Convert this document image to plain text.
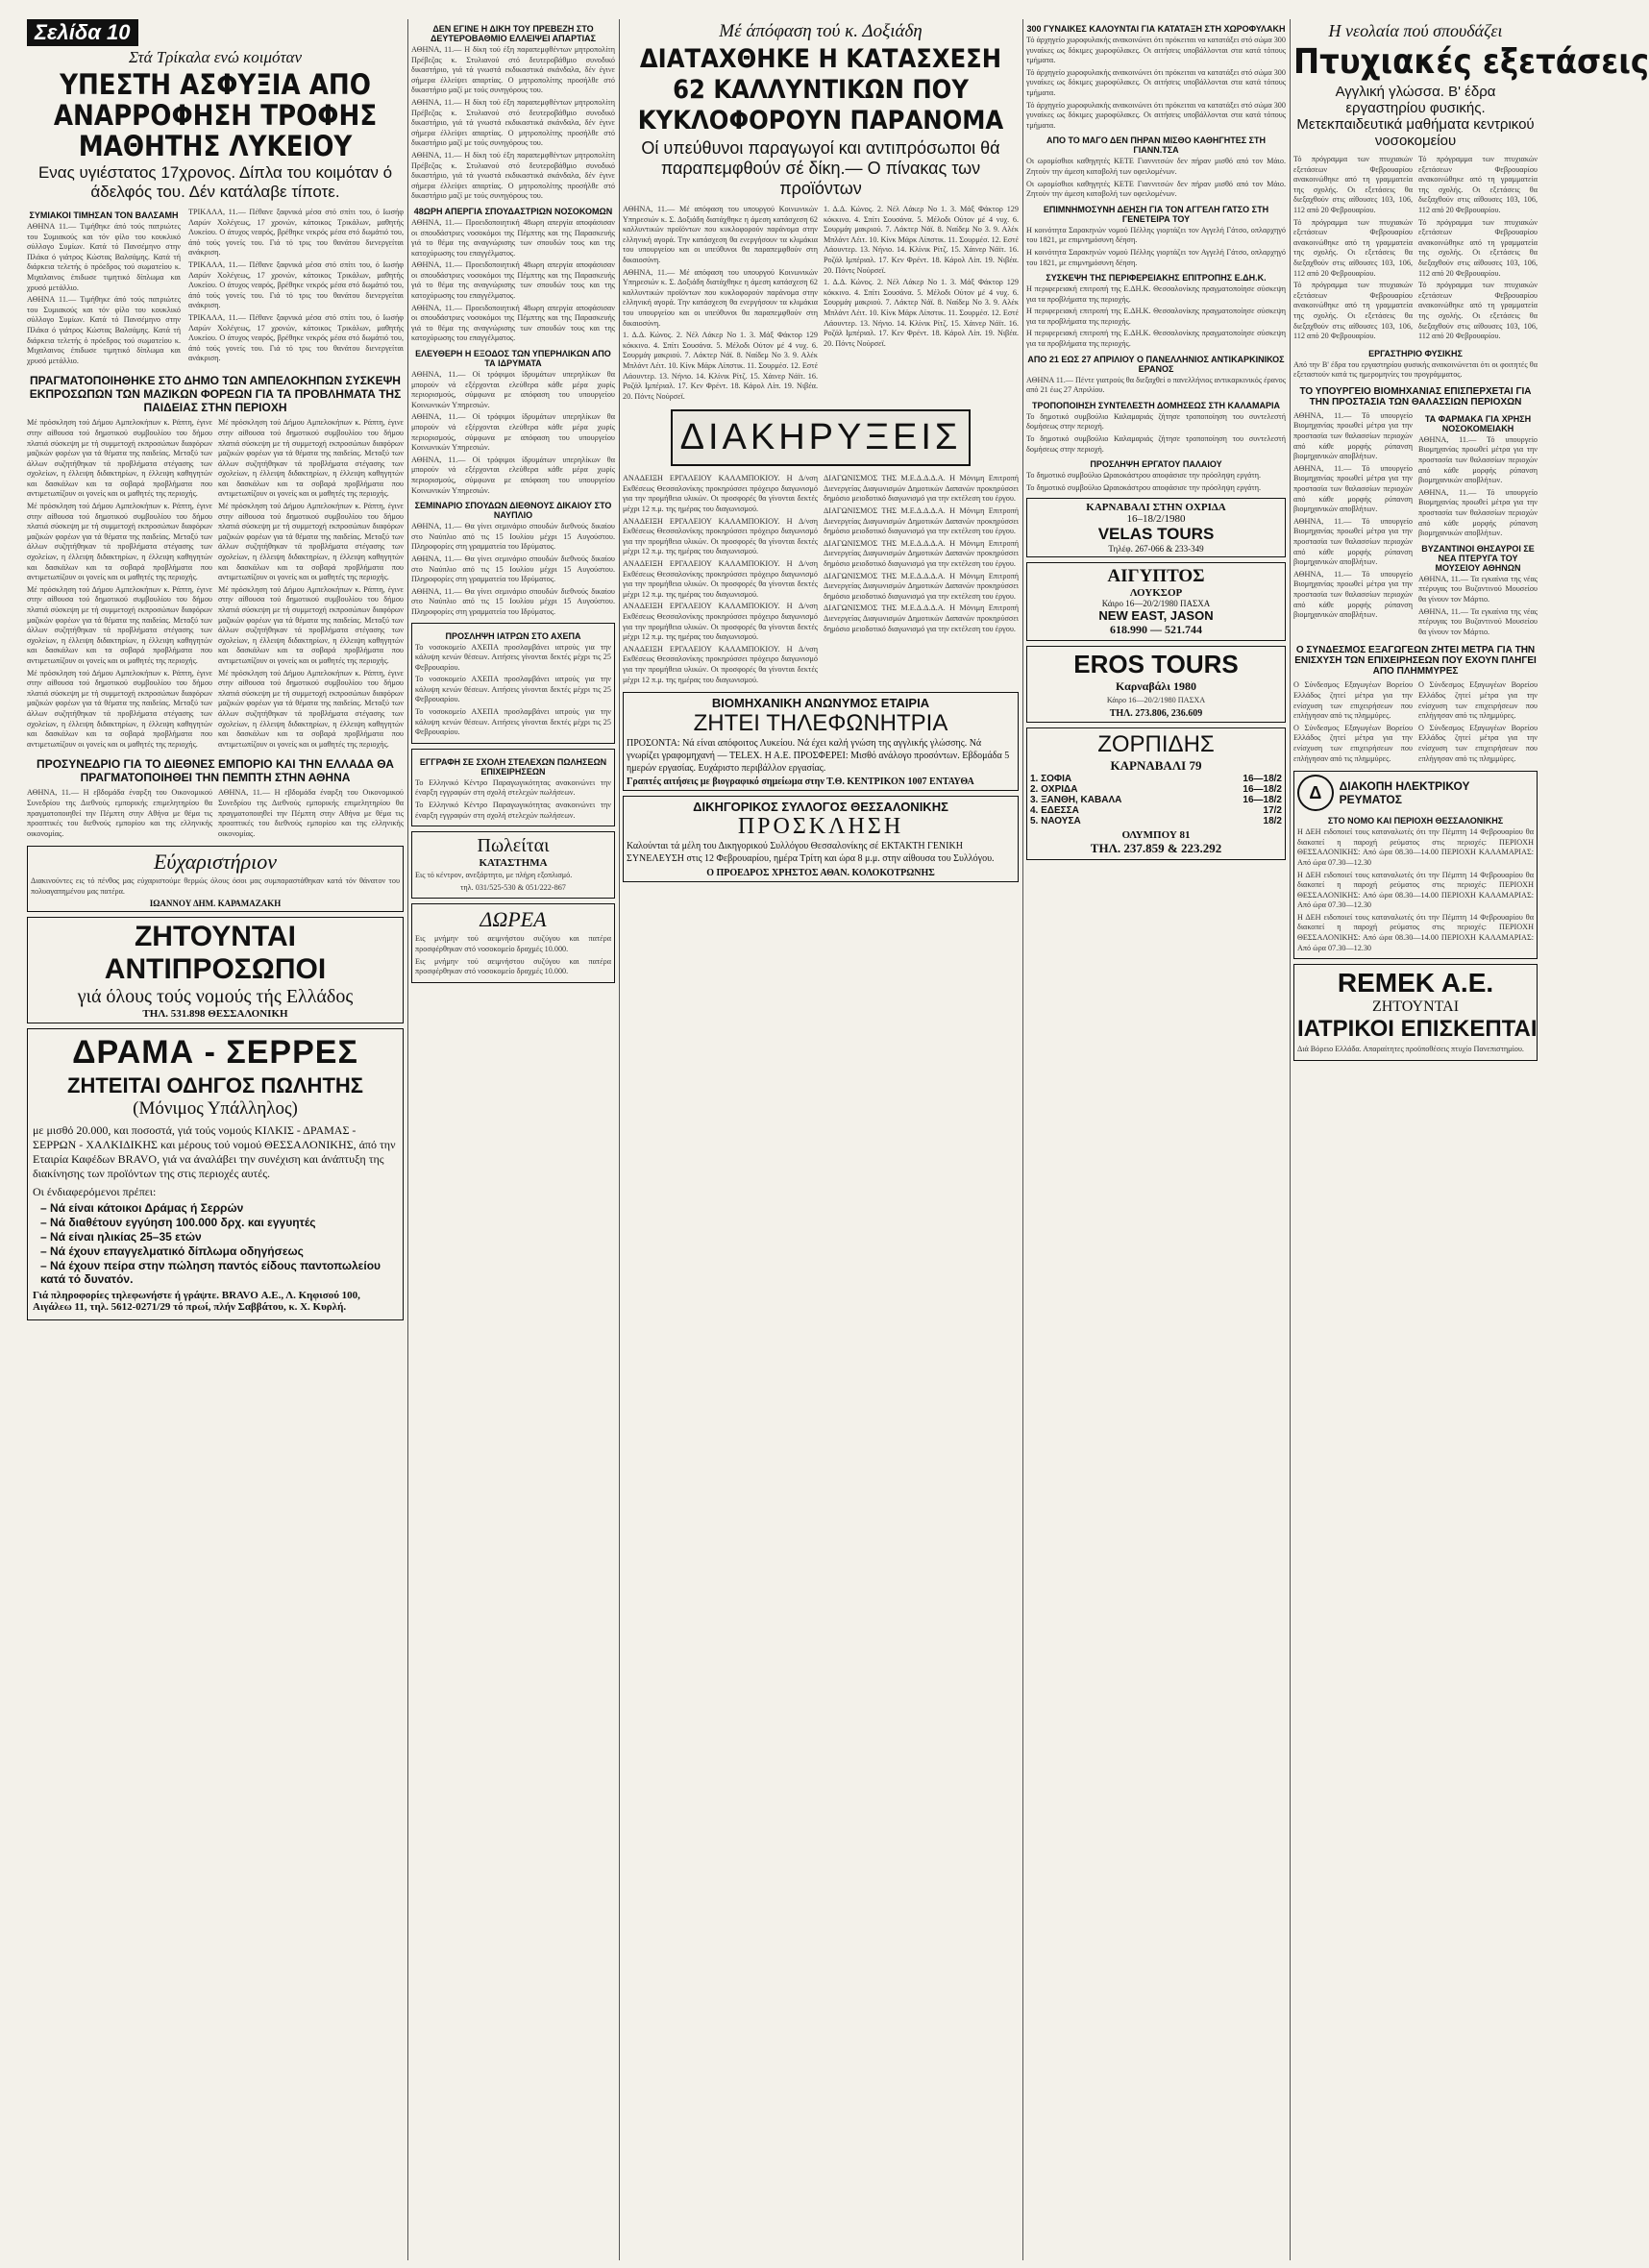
Σελίδα 10
Στά Τρίκαλα ενώ κοιμόταν
ΥΠΕΣΤΗ ΑΣΦΥΞΙΑ ΑΠΟ ΑΝΑΡΡΟΦΗΣΗ ΤΡΟΦΗΣ ΜΑΘΗΤΗΣ ΛΥΚΕΙΟΥ
Ενας υγιέστατος 17χρονος. Δίπλα του κοιμόταν ό άδελφός του. Δέν κατάλαβε τίποτε.
ΣΥΜΙΑΚΟΙ ΤΙΜΗΣΑΝ ΤΟΝ ΒΑΛΣΑΜΗ
ΑΘΗΝΑ 11.— Τιμήθηκε άπό τούς πατριώτες του Συμιακούς και τόν φίλο του κουκλικό σύλλογο Συμίων. Κατά τό Πανσέμηνο στην Πλάκα ό γιάτρος Κώστας Βαλσάμης. Κατά τή διάρκεια τελετής ό πρόεδρος τού σωματείου κ. Μιχαλαινος έπιδωσε τιμητικό δίπλωμα και χρυσό μετάλλιο.
ΑΘΗΝΑ 11.— Τιμήθηκε άπό τούς πατριώτες του Συμιακούς και τόν φίλο του κουκλικό σύλλογο Συμίων. Κατά τό Πανσέμηνο στην Πλάκα ό γιάτρος Κώστας Βαλσάμης. Κατά τή διάρκεια τελετής ό πρόεδρος τού σωματείου κ. Μιχαλαινος έπιδωσε τιμητικό δίπλωμα και χρυσό μετάλλιο.
ΤΡΙΚΑΛΑ, 11.— Πέθανε ξαφνικά μέσα στό σπίτι του, ό Ιωσήφ Λαρών Χολέγεως, 17 χρονών, κάτοικος Τρικάλων, μαθητής Λυκείου. Ο άτυχος νεαρός, βρέθηκε νεκρός μέσα στό δωμάτιό του, άπό τούς γονείς του. Γιά τό τρις του θανάτου διενεργείται ανάκριση.
ΤΡΙΚΑΛΑ, 11.— Πέθανε ξαφνικά μέσα στό σπίτι του, ό Ιωσήφ Λαρών Χολέγεως, 17 χρονών, κάτοικος Τρικάλων, μαθητής Λυκείου. Ο άτυχος νεαρός, βρέθηκε νεκρός μέσα στό δωμάτιό του, άπό τούς γονείς του. Γιά τό τρις του θανάτου διενεργείται ανάκριση.
ΤΡΙΚΑΛΑ, 11.— Πέθανε ξαφνικά μέσα στό σπίτι του, ό Ιωσήφ Λαρών Χολέγεως, 17 χρονών, κάτοικος Τρικάλων, μαθητής Λυκείου. Ο άτυχος νεαρός, βρέθηκε νεκρός μέσα στό δωμάτιό του, άπό τούς γονείς του. Γιά τό τρις του θανάτου διενεργείται ανάκριση.
ΠΡΑΓΜΑΤΟΠΟΙΗΘΗΚΕ ΣΤΟ ΔΗΜΟ ΤΩΝ ΑΜΠΕΛΟΚΗΠΩΝ ΣΥΣΚΕΨΗ ΕΚΠΡΟΣΩΠΩΝ ΤΩΝ ΜΑΖΙΚΩΝ ΦΟΡΕΩΝ ΓΙΑ ΤΑ ΠΡΟΒΛΗΜΑΤΑ ΤΗΣ ΠΑΙΔΕΙΑΣ ΣΤΗΝ ΠΕΡΙΟΧΗ
Μέ πρόσκληση τού Δήμου Αμπελοκήπων κ. Ράπτη, έγινε στην αίθουσα τού δημοτικού συμβουλίου του δήμου πλατιά σύσκεψη με τή συμμετοχή εκπροσώπων διαφόρων μαζικών φορέων για τά θέματα της παιδείας. Μεταξύ των άλλων συζητήθηκαν τά προβλήματα στέγασης των σχολείων, η έλλειψη διδακτηρίων, η έλλειψη καθηγητών και δασκάλων και τα σοβαρά προβλήματα που αντιμετωπίζουν οι γονείς και οι μαθητές της περιοχής.
Μέ πρόσκληση τού Δήμου Αμπελοκήπων κ. Ράπτη, έγινε στην αίθουσα τού δημοτικού συμβουλίου του δήμου πλατιά σύσκεψη με τή συμμετοχή εκπροσώπων διαφόρων μαζικών φορέων για τά θέματα της παιδείας. Μεταξύ των άλλων συζητήθηκαν τά προβλήματα στέγασης των σχολείων, η έλλειψη διδακτηρίων, η έλλειψη καθηγητών και δασκάλων και τα σοβαρά προβλήματα που αντιμετωπίζουν οι γονείς και οι μαθητές της περιοχής.
Μέ πρόσκληση τού Δήμου Αμπελοκήπων κ. Ράπτη, έγινε στην αίθουσα τού δημοτικού συμβουλίου του δήμου πλατιά σύσκεψη με τή συμμετοχή εκπροσώπων διαφόρων μαζικών φορέων για τά θέματα της παιδείας. Μεταξύ των άλλων συζητήθηκαν τά προβλήματα στέγασης των σχολείων, η έλλειψη διδακτηρίων, η έλλειψη καθηγητών και δασκάλων και τα σοβαρά προβλήματα που αντιμετωπίζουν οι γονείς και οι μαθητές της περιοχής.
Μέ πρόσκληση τού Δήμου Αμπελοκήπων κ. Ράπτη, έγινε στην αίθουσα τού δημοτικού συμβουλίου του δήμου πλατιά σύσκεψη με τή συμμετοχή εκπροσώπων διαφόρων μαζικών φορέων για τά θέματα της παιδείας. Μεταξύ των άλλων συζητήθηκαν τά προβλήματα στέγασης των σχολείων, η έλλειψη διδακτηρίων, η έλλειψη καθηγητών και δασκάλων και τα σοβαρά προβλήματα που αντιμετωπίζουν οι γονείς και οι μαθητές της περιοχής.
Μέ πρόσκληση τού Δήμου Αμπελοκήπων κ. Ράπτη, έγινε στην αίθουσα τού δημοτικού συμβουλίου του δήμου πλατιά σύσκεψη με τή συμμετοχή εκπροσώπων διαφόρων μαζικών φορέων για τά θέματα της παιδείας. Μεταξύ των άλλων συζητήθηκαν τά προβλήματα στέγασης των σχολείων, η έλλειψη διδακτηρίων, η έλλειψη καθηγητών και δασκάλων και τα σοβαρά προβλήματα που αντιμετωπίζουν οι γονείς και οι μαθητές της περιοχής.
Μέ πρόσκληση τού Δήμου Αμπελοκήπων κ. Ράπτη, έγινε στην αίθουσα τού δημοτικού συμβουλίου του δήμου πλατιά σύσκεψη με τή συμμετοχή εκπροσώπων διαφόρων μαζικών φορέων για τά θέματα της παιδείας. Μεταξύ των άλλων συζητήθηκαν τά προβλήματα στέγασης των σχολείων, η έλλειψη διδακτηρίων, η έλλειψη καθηγητών και δασκάλων και τα σοβαρά προβλήματα που αντιμετωπίζουν οι γονείς και οι μαθητές της περιοχής.
Μέ πρόσκληση τού Δήμου Αμπελοκήπων κ. Ράπτη, έγινε στην αίθουσα τού δημοτικού συμβουλίου του δήμου πλατιά σύσκεψη με τή συμμετοχή εκπροσώπων διαφόρων μαζικών φορέων για τά θέματα της παιδείας. Μεταξύ των άλλων συζητήθηκαν τά προβλήματα στέγασης των σχολείων, η έλλειψη διδακτηρίων, η έλλειψη καθηγητών και δασκάλων και τα σοβαρά προβλήματα που αντιμετωπίζουν οι γονείς και οι μαθητές της περιοχής.
Μέ πρόσκληση τού Δήμου Αμπελοκήπων κ. Ράπτη, έγινε στην αίθουσα τού δημοτικού συμβουλίου του δήμου πλατιά σύσκεψη με τή συμμετοχή εκπροσώπων διαφόρων μαζικών φορέων για τά θέματα της παιδείας. Μεταξύ των άλλων συζητήθηκαν τά προβλήματα στέγασης των σχολείων, η έλλειψη διδακτηρίων, η έλλειψη καθηγητών και δασκάλων και τα σοβαρά προβλήματα που αντιμετωπίζουν οι γονείς και οι μαθητές της περιοχής.
ΠΡΟΣΥΝΕΔΡΙΟ ΓΙΑ ΤΟ ΔΙΕΘΝΕΣ ΕΜΠΟΡΙΟ ΚΑΙ ΤΗΝ ΕΛΛΑΔΑ ΘΑ ΠΡΑΓΜΑΤΟΠΟΙΗΘΕΙ ΤΗΝ ΠΕΜΠΤΗ ΣΤΗΝ ΑΘΗΝΑ
ΑΘΗΝΑ, 11.— Η εβδομάδα έναρξη του Οικονομικού Συνεδρίου της Διεθνούς εμπορικής επιμελητηρίου θα πραγματοποιηθεί την Πέμπτη στην Αθήνα με θέμα τις προοπτικές του διεθνούς εμπορίου και της ελληνικής οικονομίας.
ΑΘΗΝΑ, 11.— Η εβδομάδα έναρξη του Οικονομικού Συνεδρίου της Διεθνούς εμπορικής επιμελητηρίου θα πραγματοποιηθεί την Πέμπτη στην Αθήνα με θέμα τις προοπτικές του διεθνούς εμπορίου και της ελληνικής οικονομίας.
Εύχαριστήριον
Διακινούντες εις τό πένθος μας εύχαριστούμε θερμώς όλους όσοι μας συμπαραστάθηκαν κατά τόν θάνατον του πολυαγαπημένου μας πατέρα.
ΙΩΑΝΝΟΥ ΔΗΜ. ΚΑΡΑΜΑΖΑΚΗ
ΖΗΤΟΥΝΤΑΙ ΑΝΤΙΠΡΟΣΩΠΟΙ
γιά όλους τούς νομούς τής Ελλάδος
ΤΗΛ. 531.898 ΘΕΣΣΑΛΟΝΙΚΗ
ΔΡΑΜΑ - ΣΕΡΡΕΣ
ΖΗΤΕΙΤΑΙ ΟΔΗΓΟΣ ΠΩΛΗΤΗΣ
(Μόνιμος Υπάλληλος)
με μισθό 20.000, και ποσοστά, γιά τούς νομούς ΚΙΛΚΙΣ - ΔΡΑΜΑΣ - ΣΕΡΡΩΝ - ΧΑΛΚΙΔΙΚΗΣ και μέρους τού νομού ΘΕΣΣΑΛΟΝΙΚΗΣ, άπό την Εταιρία Καφέδων BRAVO, γιά να άναλάβει την συνέχιση και άνάπτυξη της διακίνησης των προϊόντων της στις περιοχές αυτές.
Οι ένδιαφερόμενοι πρέπει:
– Νά είναι κάτοικοι Δράμας ή Σερρών
– Νά διαθέτουν εγγύηση 100.000 δρχ. και εγγυητές
– Νά είναι ηλικίας 25–35 ετών
– Νά έχουν επαγγελματικό δίπλωμα οδηγήσεως
– Νά έχουν πείρα στην πώληση παντός είδους παντοπωλείου κατά τό δυνατόν.
Γιά πληροφορίες τηλεφωνήστε ή γράψτε. BRAVO Α.Ε., Λ. Κηφισού 100, Αιγάλεω 11, τηλ. 5612-0271/29 τό πρωί, πλήν Σαββάτου, κ. Χ. Κυρλή.
ΔΕΝ ΕΓΙΝΕ Η ΔΙΚΗ ΤΟΥ ΠΡΕΒΕΖΗ ΣΤΟ ΔΕΥΤΕΡΟΒΑΘΜΙΟ ΕΛΛΕΙΨΕΙ ΑΠΑΡΤΙΑΣ
ΑΘΗΝΑ, 11.— Η δίκη τού έξη παραπεμφθέντων μητροπολίτη Πρέβεζας κ. Στυλιανού στό δευτεροβάθμιο συνοδικό δικαστήριο, γιά τά γνωστά εκδικαστικά σκάνδαλα, δέν έγινε σήμερα έλλείψει απαρτίας. Ο μητροπολίτης προσήλθε στό δικαστήριο μαζί με τούς συνηγόρους του.
ΑΘΗΝΑ, 11.— Η δίκη τού έξη παραπεμφθέντων μητροπολίτη Πρέβεζας κ. Στυλιανού στό δευτεροβάθμιο συνοδικό δικαστήριο, γιά τά γνωστά εκδικαστικά σκάνδαλα, δέν έγινε σήμερα έλλείψει απαρτίας. Ο μητροπολίτης προσήλθε στό δικαστήριο μαζί με τούς συνηγόρους του.
ΑΘΗΝΑ, 11.— Η δίκη τού έξη παραπεμφθέντων μητροπολίτη Πρέβεζας κ. Στυλιανού στό δευτεροβάθμιο συνοδικό δικαστήριο, γιά τά γνωστά εκδικαστικά σκάνδαλα, δέν έγινε σήμερα έλλείψει απαρτίας. Ο μητροπολίτης προσήλθε στό δικαστήριο μαζί με τούς συνηγόρους του.
48ΩΡΗ ΑΠΕΡΓΙΑ ΣΠΟΥΔΑΣΤΡΙΩΝ ΝΟΣΟΚΟΜΩΝ
ΑΘΗΝΑ, 11.— Προειδοποιητική 48ωρη απεργία αποφάσισαν οι σπουδάστριες νοσοκόμοι της Πέμπτης και της Παρασκευής γιά το θέμα της αναγνώρισης των σπουδών τους και της κατοχύρωσης του επαγγέλματος.
ΑΘΗΝΑ, 11.— Προειδοποιητική 48ωρη απεργία αποφάσισαν οι σπουδάστριες νοσοκόμοι της Πέμπτης και της Παρασκευής γιά το θέμα της αναγνώρισης των σπουδών τους και της κατοχύρωσης του επαγγέλματος.
ΑΘΗΝΑ, 11.— Προειδοποιητική 48ωρη απεργία αποφάσισαν οι σπουδάστριες νοσοκόμοι της Πέμπτης και της Παρασκευής γιά το θέμα της αναγνώρισης των σπουδών τους και της κατοχύρωσης του επαγγέλματος.
ΕΛΕΥΘΕΡΗ Η ΕΞΟΔΟΣ ΤΩΝ ΥΠΕΡΗΛΙΚΩΝ ΑΠΟ ΤΑ ΙΔΡΥΜΑΤΑ
ΑΘΗΝΑ, 11.— Οί τρόφιμοι ίδρυμάτων υπερηλίκων θα μπορούν νά εξέρχονται ελεύθερα κάθε μέρα χωρίς περιορισμούς, σύμφωνα με απόφαση του υπουργείου Κοινωνικών Υπηρεσιών.
ΑΘΗΝΑ, 11.— Οί τρόφιμοι ίδρυμάτων υπερηλίκων θα μπορούν νά εξέρχονται ελεύθερα κάθε μέρα χωρίς περιορισμούς, σύμφωνα με απόφαση του υπουργείου Κοινωνικών Υπηρεσιών.
ΑΘΗΝΑ, 11.— Οί τρόφιμοι ίδρυμάτων υπερηλίκων θα μπορούν νά εξέρχονται ελεύθερα κάθε μέρα χωρίς περιορισμούς, σύμφωνα με απόφαση του υπουργείου Κοινωνικών Υπηρεσιών.
ΣΕΜΙΝΑΡΙΟ ΣΠΟΥΔΩΝ ΔΙΕΘΝΟΥΣ ΔΙΚΑΙΟΥ ΣΤΟ ΝΑΥΠΛΙΟ
ΑΘΗΝΑ, 11.— Θα γίνει σεμινάριο σπουδών διεθνούς δικαίου στο Ναύπλιο από τις 15 Ιουλίου μέχρι 15 Αυγούστου. Πληροφορίες στη γραμματεία του Ιδρύματος.
ΑΘΗΝΑ, 11.— Θα γίνει σεμινάριο σπουδών διεθνούς δικαίου στο Ναύπλιο από τις 15 Ιουλίου μέχρι 15 Αυγούστου. Πληροφορίες στη γραμματεία του Ιδρύματος.
ΑΘΗΝΑ, 11.— Θα γίνει σεμινάριο σπουδών διεθνούς δικαίου στο Ναύπλιο από τις 15 Ιουλίου μέχρι 15 Αυγούστου. Πληροφορίες στη γραμματεία του Ιδρύματος.
ΠΡΟΣΛΗΨΗ ΙΑΤΡΩΝ ΣΤΟ ΑΧΕΠΑ
Το νοσοκομείο ΑΧΕΠΑ προσλαμβάνει ιατρούς για την κάλυψη κενών θέσεων. Αιτήσεις γίνονται δεκτές μέχρι τις 25 Φεβρουαρίου.
Το νοσοκομείο ΑΧΕΠΑ προσλαμβάνει ιατρούς για την κάλυψη κενών θέσεων. Αιτήσεις γίνονται δεκτές μέχρι τις 25 Φεβρουαρίου.
Το νοσοκομείο ΑΧΕΠΑ προσλαμβάνει ιατρούς για την κάλυψη κενών θέσεων. Αιτήσεις γίνονται δεκτές μέχρι τις 25 Φεβρουαρίου.
ΕΓΓΡΑΦΗ ΣΕ ΣΧΟΛΗ ΣΤΕΛΕΧΩΝ ΠΩΛΗΣΕΩΝ ΕΠΙΧΕΙΡΗΣΕΩΝ
Το Ελληνικό Κέντρο Παραγωγικότητας ανακοινώνει την έναρξη εγγραφών στη σχολή στελεχών πωλήσεων.
Το Ελληνικό Κέντρο Παραγωγικότητας ανακοινώνει την έναρξη εγγραφών στη σχολή στελεχών πωλήσεων.
Πωλείται
ΚΑΤΑΣΤΗΜΑ
Εις τό κέντρον, ανεξάρτητο, με πλήρη εξοπλισμό.
τηλ. 031/525-530 & 051/222-867
ΔΩΡΕΑ
Εις μνήμην τού αειμνήστου συζύγου και πατέρα προσφέρθηκαν στό νοσοκομείο δραχμές 10.000.
Εις μνήμην τού αειμνήστου συζύγου και πατέρα προσφέρθηκαν στό νοσοκομείο δραχμές 10.000.
Μέ άπόφαση τού κ. Δοξιάδη
ΔΙΑΤΑΧΘΗΚΕ Η ΚΑΤΑΣΧΕΣΗ 62 ΚΑΛΛΥΝΤΙΚΩΝ ΠΟΥ ΚΥΚΛΟΦΟΡΟΥΝ ΠΑΡΑΝΟΜΑ
Οί υπεύθυνοι παραγωγοί και αντιπρόσωποι θά παραπεμφθούν σέ δίκη.— Ο πίνακας των προϊόντων
ΑΘΗΝΑ, 11.— Μέ απόφαση του υπουργού Κοινωνικών Υπηρεσιών κ. Σ. Δοξιάδη διατάχθηκε η άμεση κατάσχεση 62 καλλυντικών προϊόντων που κυκλοφορούν παράνομα στην ελληνική αγορά. Την κατάσχεση θα ενεργήσουν τα κλιμάκια του υπουργείου και οι υπεύθυνοι θα παραπεμφθούν στη δικαιοσύνη.
ΑΘΗΝΑ, 11.— Μέ απόφαση του υπουργού Κοινωνικών Υπηρεσιών κ. Σ. Δοξιάδη διατάχθηκε η άμεση κατάσχεση 62 καλλυντικών προϊόντων που κυκλοφορούν παράνομα στην ελληνική αγορά. Την κατάσχεση θα ενεργήσουν τα κλιμάκια του υπουργείου και οι υπεύθυνοι θα παραπεμφθούν στη δικαιοσύνη.
1. Δ.Δ. Κώνος. 2. Νέλ Λάκερ Νο 1. 3. Μάξ Φάκτορ 129 κόκκινο. 4. Σπίτι Σουσάνα. 5. Μέλοδι Ούτον μέ 4 νυχ. 6. Σουρμάγ μακριού. 7. Λάκτερ Νάϊ. 8. Ναίδεμ Νο 3. 9. Αλέκ Μπλάντ Λέιτ. 10. Κίνκ Μάρκ Λίπστικ. 11. Σουρμέσ. 12. Εστέ Λάουντερ. 13. Νήνιο. 14. Κλίνικ Ρίτζ. 15. Χάινερ Νάϊτ. 16. Ροζάλ Ιμπέριαλ. 17. Κεν Φρέντ. 18. Κάρολ Λίπ. 19. Νιβέα. 20. Πόντς Νούρσεϊ.
1. Δ.Δ. Κώνος. 2. Νέλ Λάκερ Νο 1. 3. Μάξ Φάκτορ 129 κόκκινο. 4. Σπίτι Σουσάνα. 5. Μέλοδι Ούτον μέ 4 νυχ. 6. Σουρμάγ μακριού. 7. Λάκτερ Νάϊ. 8. Ναίδεμ Νο 3. 9. Αλέκ Μπλάντ Λέιτ. 10. Κίνκ Μάρκ Λίπστικ. 11. Σουρμέσ. 12. Εστέ Λάουντερ. 13. Νήνιο. 14. Κλίνικ Ρίτζ. 15. Χάινερ Νάϊτ. 16. Ροζάλ Ιμπέριαλ. 17. Κεν Φρέντ. 18. Κάρολ Λίπ. 19. Νιβέα. 20. Πόντς Νούρσεϊ.
1. Δ.Δ. Κώνος. 2. Νέλ Λάκερ Νο 1. 3. Μάξ Φάκτορ 129 κόκκινο. 4. Σπίτι Σουσάνα. 5. Μέλοδι Ούτον μέ 4 νυχ. 6. Σουρμάγ μακριού. 7. Λάκτερ Νάϊ. 8. Ναίδεμ Νο 3. 9. Αλέκ Μπλάντ Λέιτ. 10. Κίνκ Μάρκ Λίπστικ. 11. Σουρμέσ. 12. Εστέ Λάουντερ. 13. Νήνιο. 14. Κλίνικ Ρίτζ. 15. Χάινερ Νάϊτ. 16. Ροζάλ Ιμπέριαλ. 17. Κεν Φρέντ. 18. Κάρολ Λίπ. 19. Νιβέα. 20. Πόντς Νούρσεϊ.
ΔΙΑΚΗΡΥΞΕΙΣ
ΑΝΑΔΕΙΞΗ ΕΡΓΑΛΕΙΟΥ ΚΑΛΑΜΠΟΚΙΟΥ. Η Δ/νση Εκθέσεως Θεσσαλονίκης προκηρύσσει πρόχειρο διαγωνισμό για την προμήθεια υλικών. Οι προσφορές θα γίνονται δεκτές μέχρι 12 π.μ. της ημέρας του διαγωνισμού.
ΑΝΑΔΕΙΞΗ ΕΡΓΑΛΕΙΟΥ ΚΑΛΑΜΠΟΚΙΟΥ. Η Δ/νση Εκθέσεως Θεσσαλονίκης προκηρύσσει πρόχειρο διαγωνισμό για την προμήθεια υλικών. Οι προσφορές θα γίνονται δεκτές μέχρι 12 π.μ. της ημέρας του διαγωνισμού.
ΑΝΑΔΕΙΞΗ ΕΡΓΑΛΕΙΟΥ ΚΑΛΑΜΠΟΚΙΟΥ. Η Δ/νση Εκθέσεως Θεσσαλονίκης προκηρύσσει πρόχειρο διαγωνισμό για την προμήθεια υλικών. Οι προσφορές θα γίνονται δεκτές μέχρι 12 π.μ. της ημέρας του διαγωνισμού.
ΑΝΑΔΕΙΞΗ ΕΡΓΑΛΕΙΟΥ ΚΑΛΑΜΠΟΚΙΟΥ. Η Δ/νση Εκθέσεως Θεσσαλονίκης προκηρύσσει πρόχειρο διαγωνισμό για την προμήθεια υλικών. Οι προσφορές θα γίνονται δεκτές μέχρι 12 π.μ. της ημέρας του διαγωνισμού.
ΑΝΑΔΕΙΞΗ ΕΡΓΑΛΕΙΟΥ ΚΑΛΑΜΠΟΚΙΟΥ. Η Δ/νση Εκθέσεως Θεσσαλονίκης προκηρύσσει πρόχειρο διαγωνισμό για την προμήθεια υλικών. Οι προσφορές θα γίνονται δεκτές μέχρι 12 π.μ. της ημέρας του διαγωνισμού.
ΔΙΑΓΩΝΙΣΜΟΣ ΤΗΣ Μ.Ε.Δ.Δ.Δ.Α. Η Μόνιμη Επιτροπή Διενεργείας Διαγωνισμών Δημοτικών Δαπανών προκηρύσσει δημόσιο μειοδοτικό διαγωνισμό για την εκτέλεση του έργου.
ΔΙΑΓΩΝΙΣΜΟΣ ΤΗΣ Μ.Ε.Δ.Δ.Δ.Α. Η Μόνιμη Επιτροπή Διενεργείας Διαγωνισμών Δημοτικών Δαπανών προκηρύσσει δημόσιο μειοδοτικό διαγωνισμό για την εκτέλεση του έργου.
ΔΙΑΓΩΝΙΣΜΟΣ ΤΗΣ Μ.Ε.Δ.Δ.Δ.Α. Η Μόνιμη Επιτροπή Διενεργείας Διαγωνισμών Δημοτικών Δαπανών προκηρύσσει δημόσιο μειοδοτικό διαγωνισμό για την εκτέλεση του έργου.
ΔΙΑΓΩΝΙΣΜΟΣ ΤΗΣ Μ.Ε.Δ.Δ.Δ.Α. Η Μόνιμη Επιτροπή Διενεργείας Διαγωνισμών Δημοτικών Δαπανών προκηρύσσει δημόσιο μειοδοτικό διαγωνισμό για την εκτέλεση του έργου.
ΔΙΑΓΩΝΙΣΜΟΣ ΤΗΣ Μ.Ε.Δ.Δ.Δ.Α. Η Μόνιμη Επιτροπή Διενεργείας Διαγωνισμών Δημοτικών Δαπανών προκηρύσσει δημόσιο μειοδοτικό διαγωνισμό για την εκτέλεση του έργου.
ΒΙΟΜΗΧΑΝΙΚΗ ΑΝΩΝΥΜΟΣ ΕΤΑΙΡΙΑ
ΖΗΤΕΙ ΤΗΛΕΦΩΝΗΤΡΙΑ
ΠΡΟΣΟΝΤΑ: Νά είναι απόφοιτος Λυκείου. Νά έχει καλή γνώση της αγγλικής γλώσσης. Νά γνωρίζει γραφομηχανή — TELEX. Η Α.Ε. ΠΡΟΣΦΕΡΕΙ: Μισθό ανάλογο προσόντων. Εβδομάδα 5 ημερών εργασίας. Ευχάριστο περιβάλλον εργασίας.
Γραπτές αιτήσεις με βιογραφικό σημείωμα στην Τ.Θ. ΚΕΝΤΡΙΚΟΝ 1007 ΕΝΤΑΥΘΑ
ΔΙΚΗΓΟΡΙΚΟΣ ΣΥΛΛΟΓΟΣ ΘΕΣΣΑΛΟΝΙΚΗΣ
ΠΡΟΣΚΛΗΣΗ
Καλούνται τά μέλη του Δικηγορικού Συλλόγου Θεσσαλονίκης σέ ΕΚΤΑΚΤΗ ΓΕΝΙΚΗ ΣΥΝΕΛΕΥΣΗ στις 12 Φεβρουαρίου, ημέρα Τρίτη και ώρα 8 μ.μ. στην αίθουσα του Συλλόγου.
Ο ΠΡΟΕΔΡΟΣ ΧΡΗΣΤΟΣ ΑΘΑΝ. ΚΟΛΟΚΟΤΡΩΝΗΣ
300 ΓΥΝΑΙΚΕΣ ΚΑΛΟΥΝΤΑΙ ΓΙΑ ΚΑΤΑΤΑΞΗ ΣΤΗ ΧΩΡΟΦΥΛΑΚΗ
Τό άρχηγείο χωροφυλακής ανακοινώνει ότι πρόκειται να κατατάξει στό σώμα 300 γυναίκες ως δόκιμες χωροφύλακες. Οι αιτήσεις υποβάλλονται στα κατά τόπους τμήματα.
Τό άρχηγείο χωροφυλακής ανακοινώνει ότι πρόκειται να κατατάξει στό σώμα 300 γυναίκες ως δόκιμες χωροφύλακες. Οι αιτήσεις υποβάλλονται στα κατά τόπους τμήματα.
Τό άρχηγείο χωροφυλακής ανακοινώνει ότι πρόκειται να κατατάξει στό σώμα 300 γυναίκες ως δόκιμες χωροφύλακες. Οι αιτήσεις υποβάλλονται στα κατά τόπους τμήματα.
ΑΠΟ ΤΟ ΜΑΓΟ ΔΕΝ ΠΗΡΑΝ ΜΙΣΘΟ ΚΑΘΗΓΗΤΕΣ ΣΤΗ ΓΙΑΝΝ.ΤΣΑ
Οι ωρομίσθιοι καθηγητές ΚΕΤΕ Γιαννιτσών δεν πήραν μισθό από τον Μάιο. Ζητούν την άμεση καταβολή των οφειλομένων.
Οι ωρομίσθιοι καθηγητές ΚΕΤΕ Γιαννιτσών δεν πήραν μισθό από τον Μάιο. Ζητούν την άμεση καταβολή των οφειλομένων.
ΕΠΙΜΝΗΜΟΣΥΝΗ ΔΕΗΣΗ ΓΙΑ ΤΟΝ ΑΓΓΕΛΗ ΓΑΤΣΟ ΣΤΗ ΓΕΝΕΤΕΙΡΑ ΤΟΥ
Η κοινότητα Σαρακηνών νομού Πέλλης γιορτάζει τον Αγγελή Γάτσο, οπλαρχηγό του 1821, με επιμνημόσυνη δέηση.
Η κοινότητα Σαρακηνών νομού Πέλλης γιορτάζει τον Αγγελή Γάτσο, οπλαρχηγό του 1821, με επιμνημόσυνη δέηση.
ΣΥΣΚΕΨΗ ΤΗΣ ΠΕΡΙΦΕΡΕΙΑΚΗΣ ΕΠΙΤΡΟΠΗΣ Ε.ΔΗ.Κ.
Η περιφερειακή επιτροπή της Ε.ΔΗ.Κ. Θεσσαλονίκης πραγματοποίησε σύσκεψη για τα προβλήματα της περιοχής.
Η περιφερειακή επιτροπή της Ε.ΔΗ.Κ. Θεσσαλονίκης πραγματοποίησε σύσκεψη για τα προβλήματα της περιοχής.
Η περιφερειακή επιτροπή της Ε.ΔΗ.Κ. Θεσσαλονίκης πραγματοποίησε σύσκεψη για τα προβλήματα της περιοχής.
ΑΠΟ 21 ΕΩΣ 27 ΑΠΡΙΛΙΟΥ Ο ΠΑΝΕΛΛΗΝΙΟΣ ΑΝΤΙΚΑΡΚΙΝΙΚΟΣ ΕΡΑΝΟΣ
ΑΘΗΝΑ 11.— Πέντε γιατρούς θα διεξαχθεί ο πανελλήνιος αντικαρκινικός έρανος από 21 έως 27 Απριλίου.
ΤΡΟΠΟΠΟΙΗΣΗ ΣΥΝΤΕΛΕΣΤΗ ΔΟΜΗΣΕΩΣ ΣΤΗ ΚΑΛΑΜΑΡΙΑ
Το δημοτικό συμβούλιο Καλαμαριάς ζήτησε τροποποίηση του συντελεστή δομήσεως στην περιοχή.
Το δημοτικό συμβούλιο Καλαμαριάς ζήτησε τροποποίηση του συντελεστή δομήσεως στην περιοχή.
ΠΡΟΣΛΗΨΗ ΕΡΓΑΤΟΥ ΠΑΛΑΙΟΥ
Το δημοτικό συμβούλιο Ωραιοκάστρου αποφάσισε την πρόσληψη εργάτη.
Το δημοτικό συμβούλιο Ωραιοκάστρου αποφάσισε την πρόσληψη εργάτη.
ΚΑΡΝΑΒΑΛΙ ΣΤΗΝ ΟΧΡΙΔΑ
16–18/2/1980
VELAS TOURS
Τηλέφ. 267-066 & 233-349
ΑΙΓΥΠΤΟΣ
ΛΟΥΚΣΟΡ
Κάιρο 16—20/2/1980 ΠΑΣΧΑ
NEW EAST, JASON
618.990 — 521.744
EROS TOURS
Καρναβάλι 1980
Κάιρο 16—20/2/1980 ΠΑΣΧΑ
ΤΗΛ. 273.806, 236.609
ΖΟΡΠΙΔΗΣ
ΚΑΡΝΑΒΑΛΙ 79
1. ΣΟΦΙΑ	16—18/2
2. ΟΧΡΙΔΑ	16—18/2
3. ΞΑΝΘΗ, ΚΑΒΑΛΑ	16—18/2
4. ΕΔΕΣΣΑ	17/2
5. ΝΑΟΥΣΑ	18/2
ΟΛΥΜΠΟΥ 81
ΤΗΛ. 237.859 & 223.292
Η νεολαία πού σπουδάζει
Πτυχιακές εξετάσεις
Αγγλική γλώσσα. Β' έδρα εργαστηρίου φυσικής. Μετεκπαιδευτικά μαθήματα κεντρικού νοσοκομείου
Τό πρόγραμμα των πτυχιακών εξετάσεων Φεβρουαρίου ανακοινώθηκε από τη γραμματεία της σχολής. Οι εξετάσεις θα διεξαχθούν στις αίθουσες 103, 106, 112 από 20 Φεβρουαρίου.
Τό πρόγραμμα των πτυχιακών εξετάσεων Φεβρουαρίου ανακοινώθηκε από τη γραμματεία της σχολής. Οι εξετάσεις θα διεξαχθούν στις αίθουσες 103, 106, 112 από 20 Φεβρουαρίου.
Τό πρόγραμμα των πτυχιακών εξετάσεων Φεβρουαρίου ανακοινώθηκε από τη γραμματεία της σχολής. Οι εξετάσεις θα διεξαχθούν στις αίθουσες 103, 106, 112 από 20 Φεβρουαρίου.
Τό πρόγραμμα των πτυχιακών εξετάσεων Φεβρουαρίου ανακοινώθηκε από τη γραμματεία της σχολής. Οι εξετάσεις θα διεξαχθούν στις αίθουσες 103, 106, 112 από 20 Φεβρουαρίου.
Τό πρόγραμμα των πτυχιακών εξετάσεων Φεβρουαρίου ανακοινώθηκε από τη γραμματεία της σχολής. Οι εξετάσεις θα διεξαχθούν στις αίθουσες 103, 106, 112 από 20 Φεβρουαρίου.
Τό πρόγραμμα των πτυχιακών εξετάσεων Φεβρουαρίου ανακοινώθηκε από τη γραμματεία της σχολής. Οι εξετάσεις θα διεξαχθούν στις αίθουσες 103, 106, 112 από 20 Φεβρουαρίου.
ΕΡΓΑΣΤΗΡΙΟ ΦΥΣΙΚΗΣ
Από την Β' έδρα του εργαστηρίου φυσικής ανακοινώνεται ότι οι φοιτητές θα εξεταστούν κατά τις ημερομηνίες του προγράμματος.
ΤΟ ΥΠΟΥΡΓΕΙΟ ΒΙΟΜΗΧΑΝΙΑΣ ΕΠΙΣΠΕΡΧΕΤΑΙ ΓΙΑ ΤΗΝ ΠΡΟΣΤΑΣΙΑ ΤΩΝ ΘΑΛΑΣΣΙΩΝ ΠΕΡΙΟΧΩΝ
ΑΘΗΝΑ, 11.— Τό υπουργείο Βιομηχανίας προωθεί μέτρα για την προστασία των θαλασσίων περιοχών από κάθε μορφής ρύπανση βιομηχανικών αποβλήτων.
ΑΘΗΝΑ, 11.— Τό υπουργείο Βιομηχανίας προωθεί μέτρα για την προστασία των θαλασσίων περιοχών από κάθε μορφής ρύπανση βιομηχανικών αποβλήτων.
ΑΘΗΝΑ, 11.— Τό υπουργείο Βιομηχανίας προωθεί μέτρα για την προστασία των θαλασσίων περιοχών από κάθε μορφής ρύπανση βιομηχανικών αποβλήτων.
ΑΘΗΝΑ, 11.— Τό υπουργείο Βιομηχανίας προωθεί μέτρα για την προστασία των θαλασσίων περιοχών από κάθε μορφής ρύπανση βιομηχανικών αποβλήτων.
ΤΑ ΦΑΡΜΑΚΑ ΓΙΑ ΧΡΗΣΗ ΝΟΣΟΚΟΜΕΙΑΚΗ
ΑΘΗΝΑ, 11.— Τό υπουργείο Βιομηχανίας προωθεί μέτρα για την προστασία των θαλασσίων περιοχών από κάθε μορφής ρύπανση βιομηχανικών αποβλήτων.
ΑΘΗΝΑ, 11.— Τό υπουργείο Βιομηχανίας προωθεί μέτρα για την προστασία των θαλασσίων περιοχών από κάθε μορφής ρύπανση βιομηχανικών αποβλήτων.
ΒΥΖΑΝΤΙΝΟΙ ΘΗΣΑΥΡΟΙ ΣΕ ΝΕΑ ΠΤΕΡΥΓΑ ΤΟΥ ΜΟΥΣΕΙΟΥ ΑΘΗΝΩΝ
ΑΘΗΝΑ, 11.— Τα εγκαίνια της νέας πτέρυγας του Βυζαντινού Μουσείου θα γίνουν τον Μάρτιο.
ΑΘΗΝΑ, 11.— Τα εγκαίνια της νέας πτέρυγας του Βυζαντινού Μουσείου θα γίνουν τον Μάρτιο.
Ο ΣΥΝΔΕΣΜΟΣ ΕΞΑΓΩΓΕΩΝ ΖΗΤΕΙ ΜΕΤΡΑ ΓΙΑ ΤΗΝ ΕΝΙΣΧΥΣΗ ΤΩΝ ΕΠΙΧΕΙΡΗΣΕΩΝ ΠΟΥ ΕΧΟΥΝ ΠΛΗΓΕΙ ΑΠΟ ΠΛΗΜΜΥΡΕΣ
Ο Σύνδεσμος Εξαγωγέων Βορείου Ελλάδος ζητεί μέτρα για την ενίσχυση των επιχειρήσεων που επλήγησαν από τις πλημμύρες.
Ο Σύνδεσμος Εξαγωγέων Βορείου Ελλάδος ζητεί μέτρα για την ενίσχυση των επιχειρήσεων που επλήγησαν από τις πλημμύρες.
Ο Σύνδεσμος Εξαγωγέων Βορείου Ελλάδος ζητεί μέτρα για την ενίσχυση των επιχειρήσεων που επλήγησαν από τις πλημμύρες.
Ο Σύνδεσμος Εξαγωγέων Βορείου Ελλάδος ζητεί μέτρα για την ενίσχυση των επιχειρήσεων που επλήγησαν από τις πλημμύρες.
Δ	ΔΙΑΚΟΠΗ ΗΛΕΚΤΡΙΚΟΥ ΡΕΥΜΑΤΟΣ
ΣΤΟ ΝΟΜΟ ΚΑΙ ΠΕΡΙΟΧΗ ΘΕΣΣΑΛΟΝΙΚΗΣ
Η ΔΕΗ ειδοποιεί τους καταναλωτές ότι την Πέμπτη 14 Φεβρουαρίου θα διακοπεί η παροχή ρεύματος στις περιοχές: ΠΕΡΙΟΧΗ ΘΕΣΣΑΛΟΝΙΚΗΣ: Από ώρα 08.30—14.00 ΠΕΡΙΟΧΗ ΚΑΛΑΜΑΡΙΑΣ: Από ώρα 07.30—12.30
Η ΔΕΗ ειδοποιεί τους καταναλωτές ότι την Πέμπτη 14 Φεβρουαρίου θα διακοπεί η παροχή ρεύματος στις περιοχές: ΠΕΡΙΟΧΗ ΘΕΣΣΑΛΟΝΙΚΗΣ: Από ώρα 08.30—14.00 ΠΕΡΙΟΧΗ ΚΑΛΑΜΑΡΙΑΣ: Από ώρα 07.30—12.30
Η ΔΕΗ ειδοποιεί τους καταναλωτές ότι την Πέμπτη 14 Φεβρουαρίου θα διακοπεί η παροχή ρεύματος στις περιοχές: ΠΕΡΙΟΧΗ ΘΕΣΣΑΛΟΝΙΚΗΣ: Από ώρα 08.30—14.00 ΠΕΡΙΟΧΗ ΚΑΛΑΜΑΡΙΑΣ: Από ώρα 07.30—12.30
REMEK A.E.
ΖΗΤΟΥΝΤΑΙ
ΙΑΤΡΙΚΟΙ ΕΠΙΣΚΕΠΤΑΙ
Διά Βόρειο Ελλάδα. Απαραίτητες προϋποθέσεις πτυχίο Πανεπιστημίου.
